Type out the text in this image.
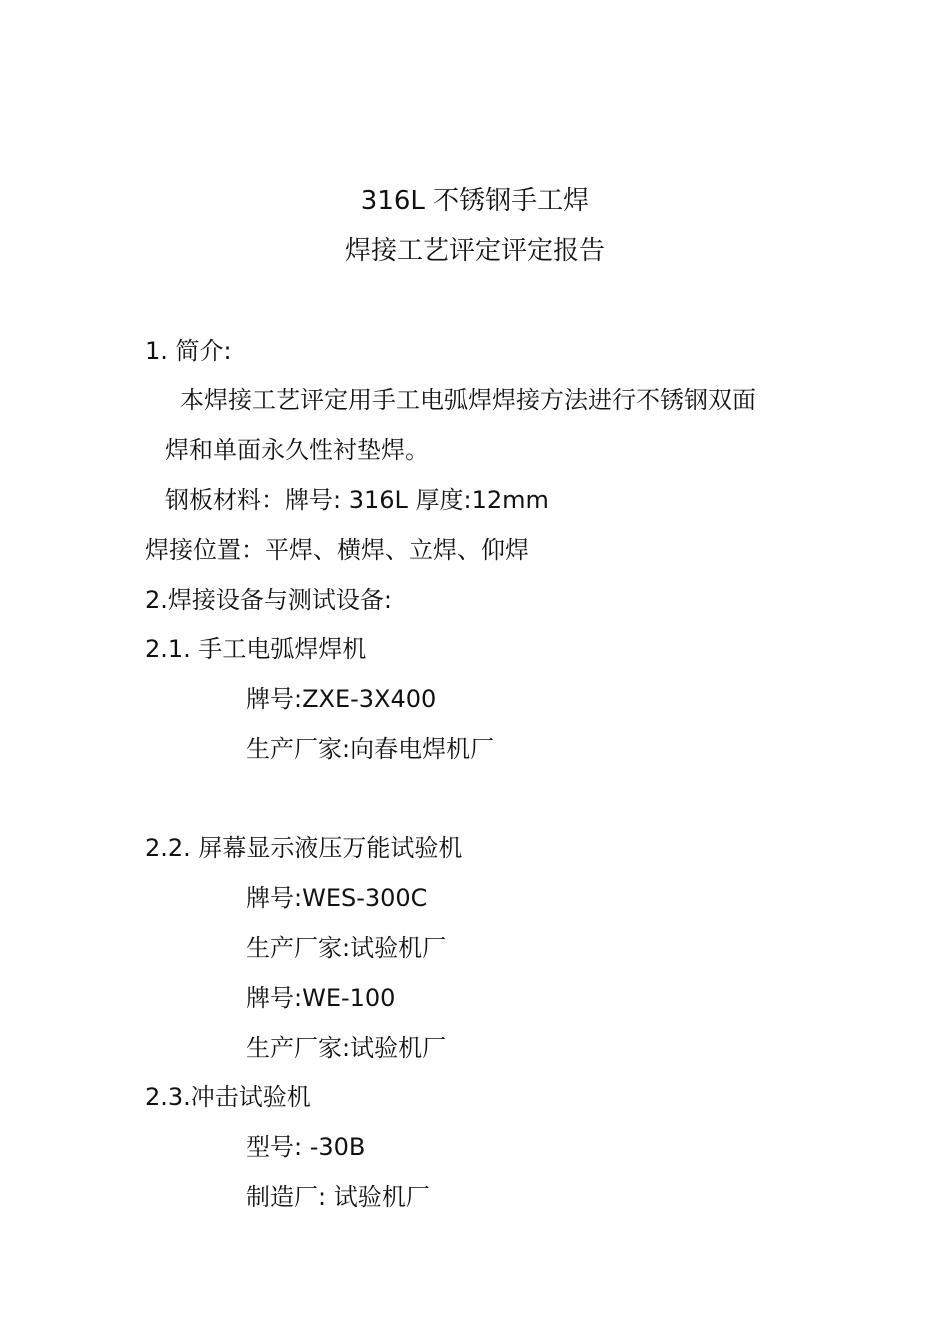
316L 不锈钢手工焊
焊接工艺评定评定报告
1. 简介:
本焊接工艺评定用手工电弧焊焊接方法进行不锈钢双面
焊和单面永久性衬垫焊。
钢板材料：牌号: 316L 厚度:12mm
焊接位置：平焊、横焊、立焊、仰焊
2.焊接设备与测试设备:
2.1. 手工电弧焊焊机
牌号:ZXE-3X400
生产厂家:向春电焊机厂
2.2. 屏幕显示液压万能试验机
牌号:WES-300C
生产厂家:试验机厂
牌号:WE-100
生产厂家:试验机厂
2.3.冲击试验机
型号: -30B
制造厂: 试验机厂
